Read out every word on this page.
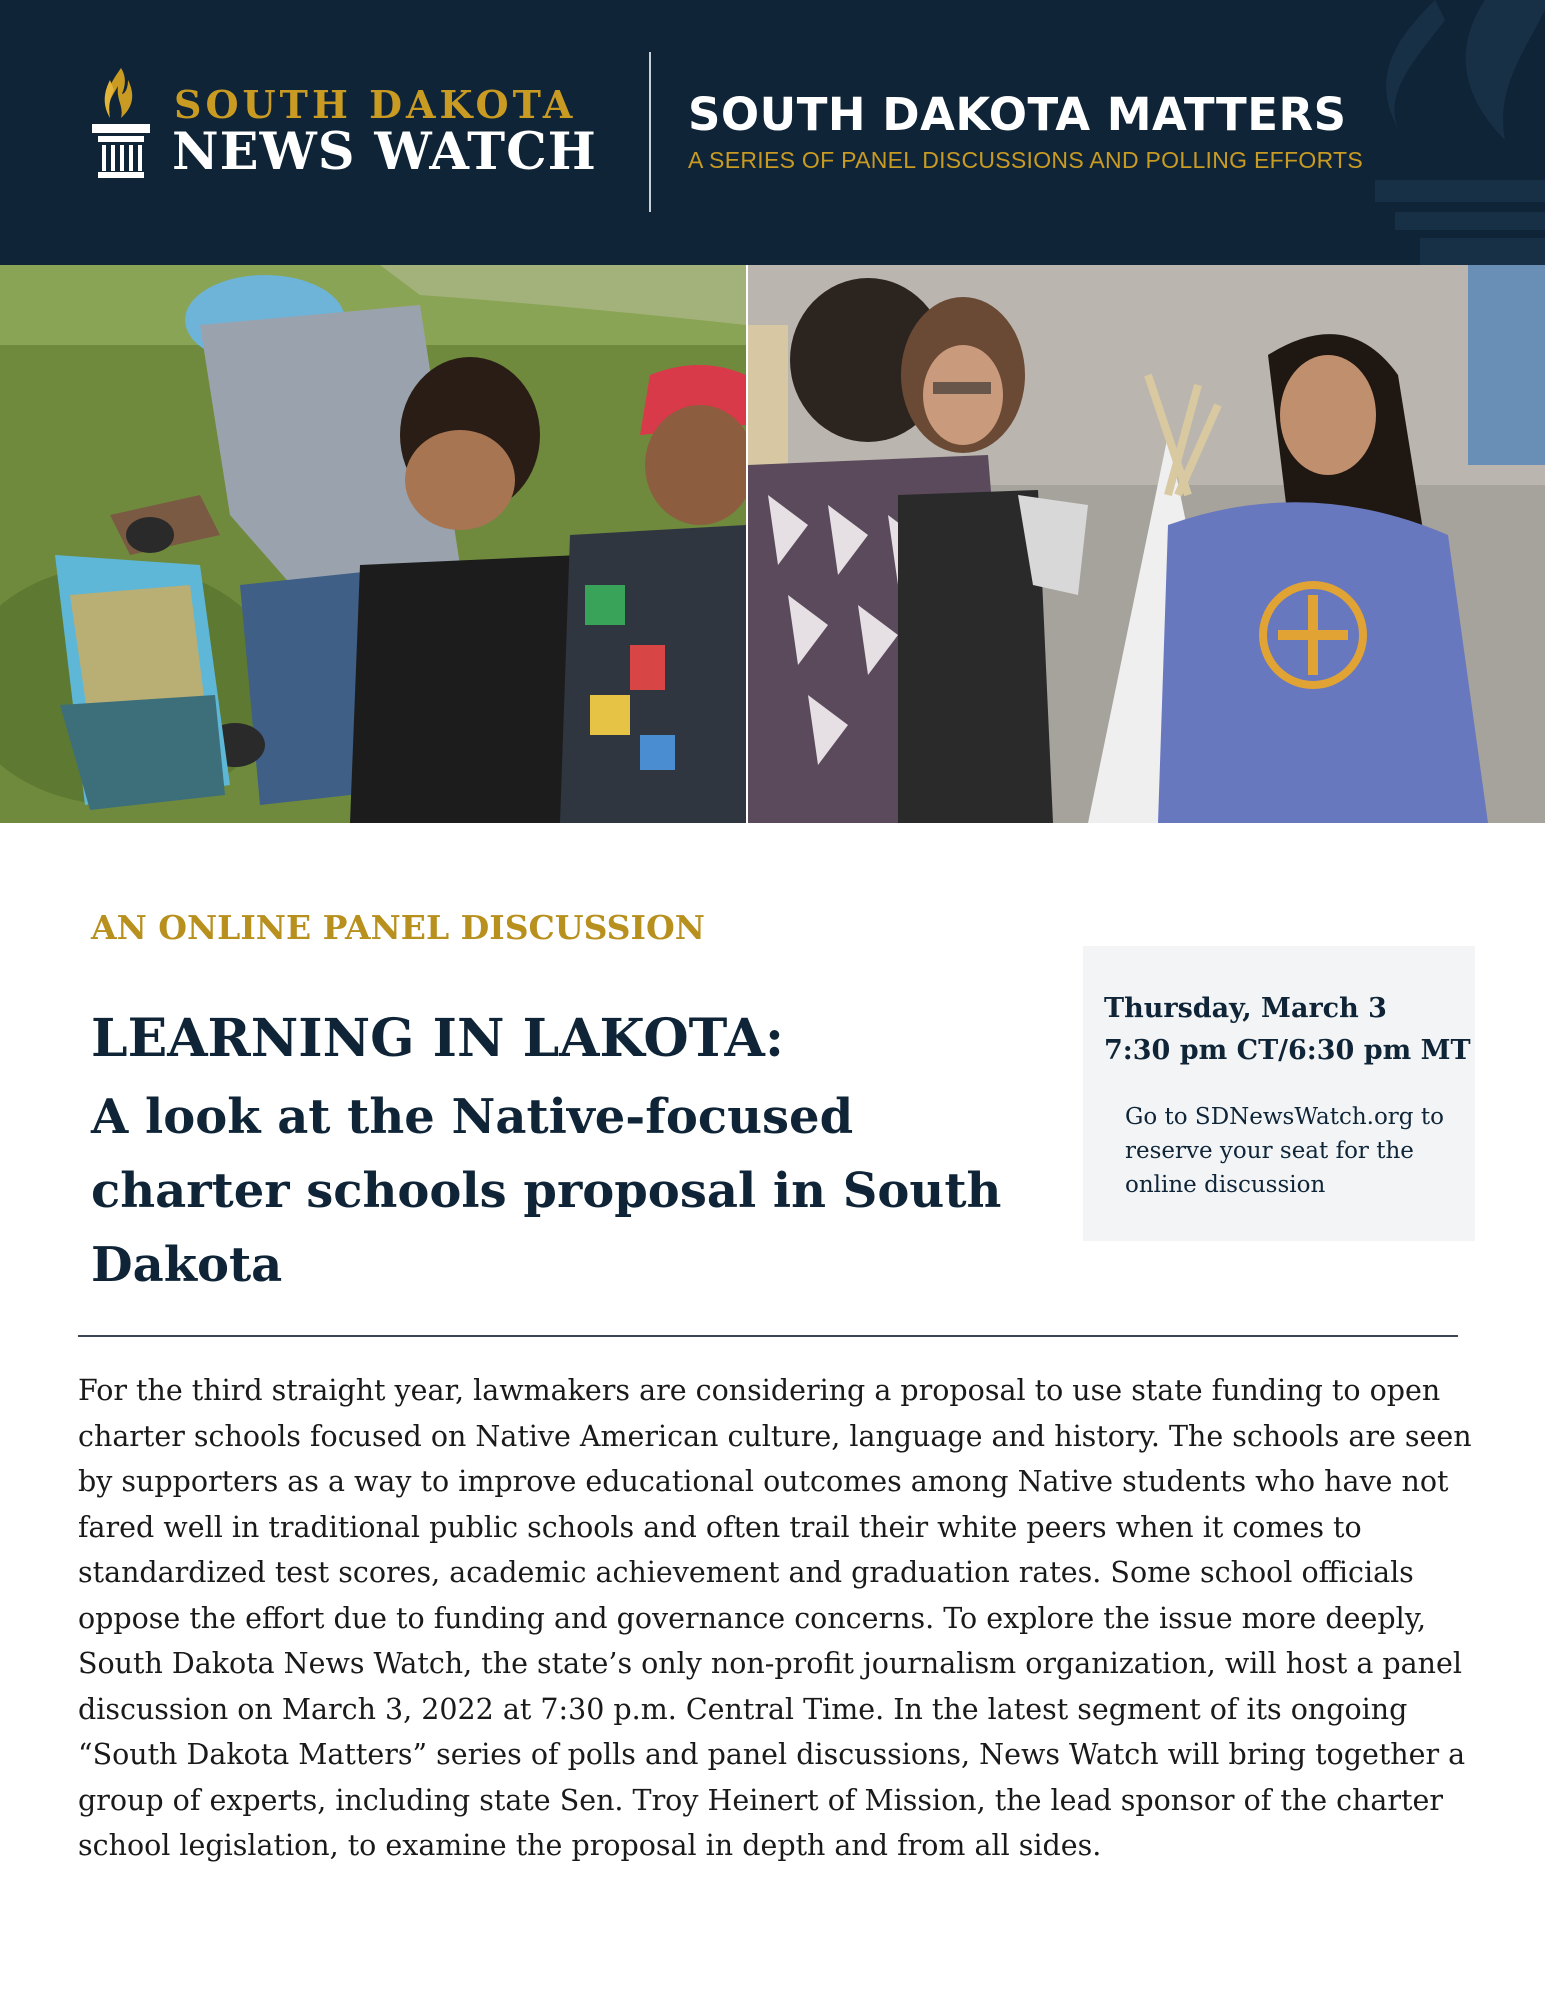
SOUTH DAKOTA
NEWS WATCH
SOUTH DAKOTA MATTERS
A SERIES OF PANEL DISCUSSIONS AND POLLING EFFORTS
AN ONLINE PANEL DISCUSSION
LEARNING IN LAKOTA:
A look at the Native-focused charter schools proposal in South Dakota
Thursday, March 3
7:30 pm CT/6:30 pm MT
Go to SDNewsWatch.org to reserve your seat for the online discussion

For the third straight year, lawmakers are considering a proposal to use state funding to open charter schools focused on Native American culture, language and history. The schools are seen by supporters as a way to improve educational outcomes among Native students who have not fared well in traditional public schools and often trail their white peers when it comes to standardized test scores, academic achievement and graduation rates. Some school officials oppose the effort due to funding and governance concerns. To explore the issue more deeply, South Dakota News Watch, the state’s only non-profit journalism organization, will host a panel discussion on March 3, 2022 at 7:30 p.m. Central Time. In the latest segment of its ongoing “South Dakota Matters” series of polls and panel discussions, News Watch will bring together a group of experts, including state Sen. Troy Heinert of Mission, the lead sponsor of the charter school legislation, to examine the proposal in depth and from all sides.
